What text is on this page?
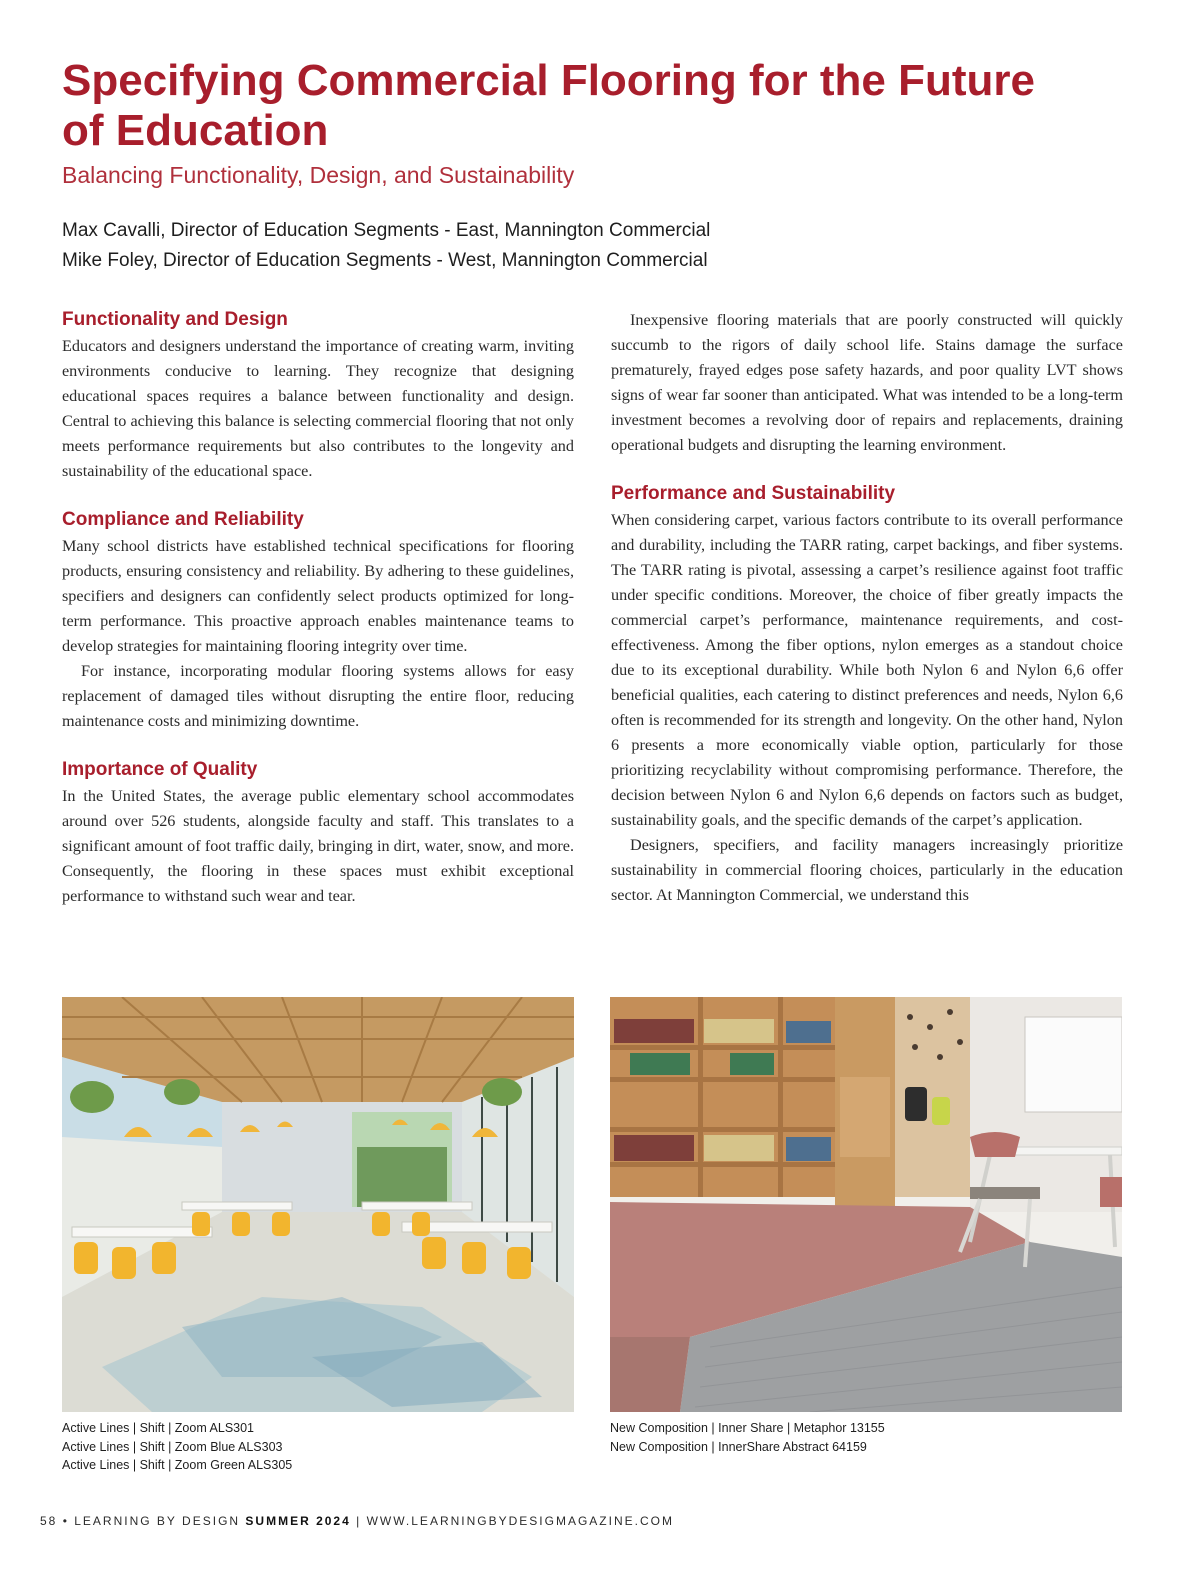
Specifying Commercial Flooring for the Future of Education
Balancing Functionality, Design, and Sustainability
Max Cavalli, Director of Education Segments - East, Mannington Commercial
Mike Foley, Director of Education Segments - West, Mannington Commercial
Functionality and Design

Educators and designers understand the importance of creating warm, inviting environments conducive to learning. They recognize that designing educational spaces requires a balance between functionality and design. Central to achieving this balance is selecting commercial flooring that not only meets performance requirements but also contributes to the longevity and sustainability of the educational space.

Compliance and Reliability

Many school districts have established technical specifications for flooring products, ensuring consistency and reliability. By adhering to these guidelines, specifiers and designers can confidently select products optimized for long-term performance. This proactive approach enables maintenance teams to develop strategies for maintaining flooring integrity over time.

For instance, incorporating modular flooring systems allows for easy replacement of damaged tiles without disrupting the entire floor, reducing maintenance costs and minimizing downtime.

Importance of Quality

In the United States, the average public elementary school accommodates around over 526 students, alongside faculty and staff. This translates to a significant amount of foot traffic daily, bringing in dirt, water, snow, and more. Consequently, the flooring in these spaces must exhibit exceptional performance to withstand such wear and tear.

Inexpensive flooring materials that are poorly constructed will quickly succumb to the rigors of daily school life. Stains damage the surface prematurely, frayed edges pose safety hazards, and poor quality LVT shows signs of wear far sooner than anticipated. What was intended to be a long-term investment becomes a revolving door of repairs and replacements, draining operational budgets and disrupting the learning environment.

Performance and Sustainability

When considering carpet, various factors contribute to its overall performance and durability, including the TARR rating, carpet backings, and fiber systems. The TARR rating is pivotal, assessing a carpet’s resilience against foot traffic under specific conditions. Moreover, the choice of fiber greatly impacts the commercial carpet’s performance, maintenance requirements, and cost-effectiveness. Among the fiber options, nylon emerges as a standout choice due to its exceptional durability. While both Nylon 6 and Nylon 6,6 offer beneficial qualities, each catering to distinct preferences and needs, Nylon 6,6 often is recommended for its strength and longevity. On the other hand, Nylon 6 presents a more economically viable option, particularly for those prioritizing recyclability without compromising performance. Therefore, the decision between Nylon 6 and Nylon 6,6 depends on factors such as budget, sustainability goals, and the specific demands of the carpet’s application.

Designers, specifiers, and facility managers increasingly prioritize sustainability in commercial flooring choices, particularly in the education sector. At Mannington Commercial, we understand this

Active Lines | Shift | Zoom ALS301
Active Lines | Shift | Zoom Blue ALS303
Active Lines | Shift | Zoom Green ALS305
New Composition | Inner Share | Metaphor 13155
New Composition | InnerShare Abstract 64159
58 • LEARNING BY DESIGN SUMMER 2024 | WWW.LEARNINGBYDESIGMAGAZINE.COM
